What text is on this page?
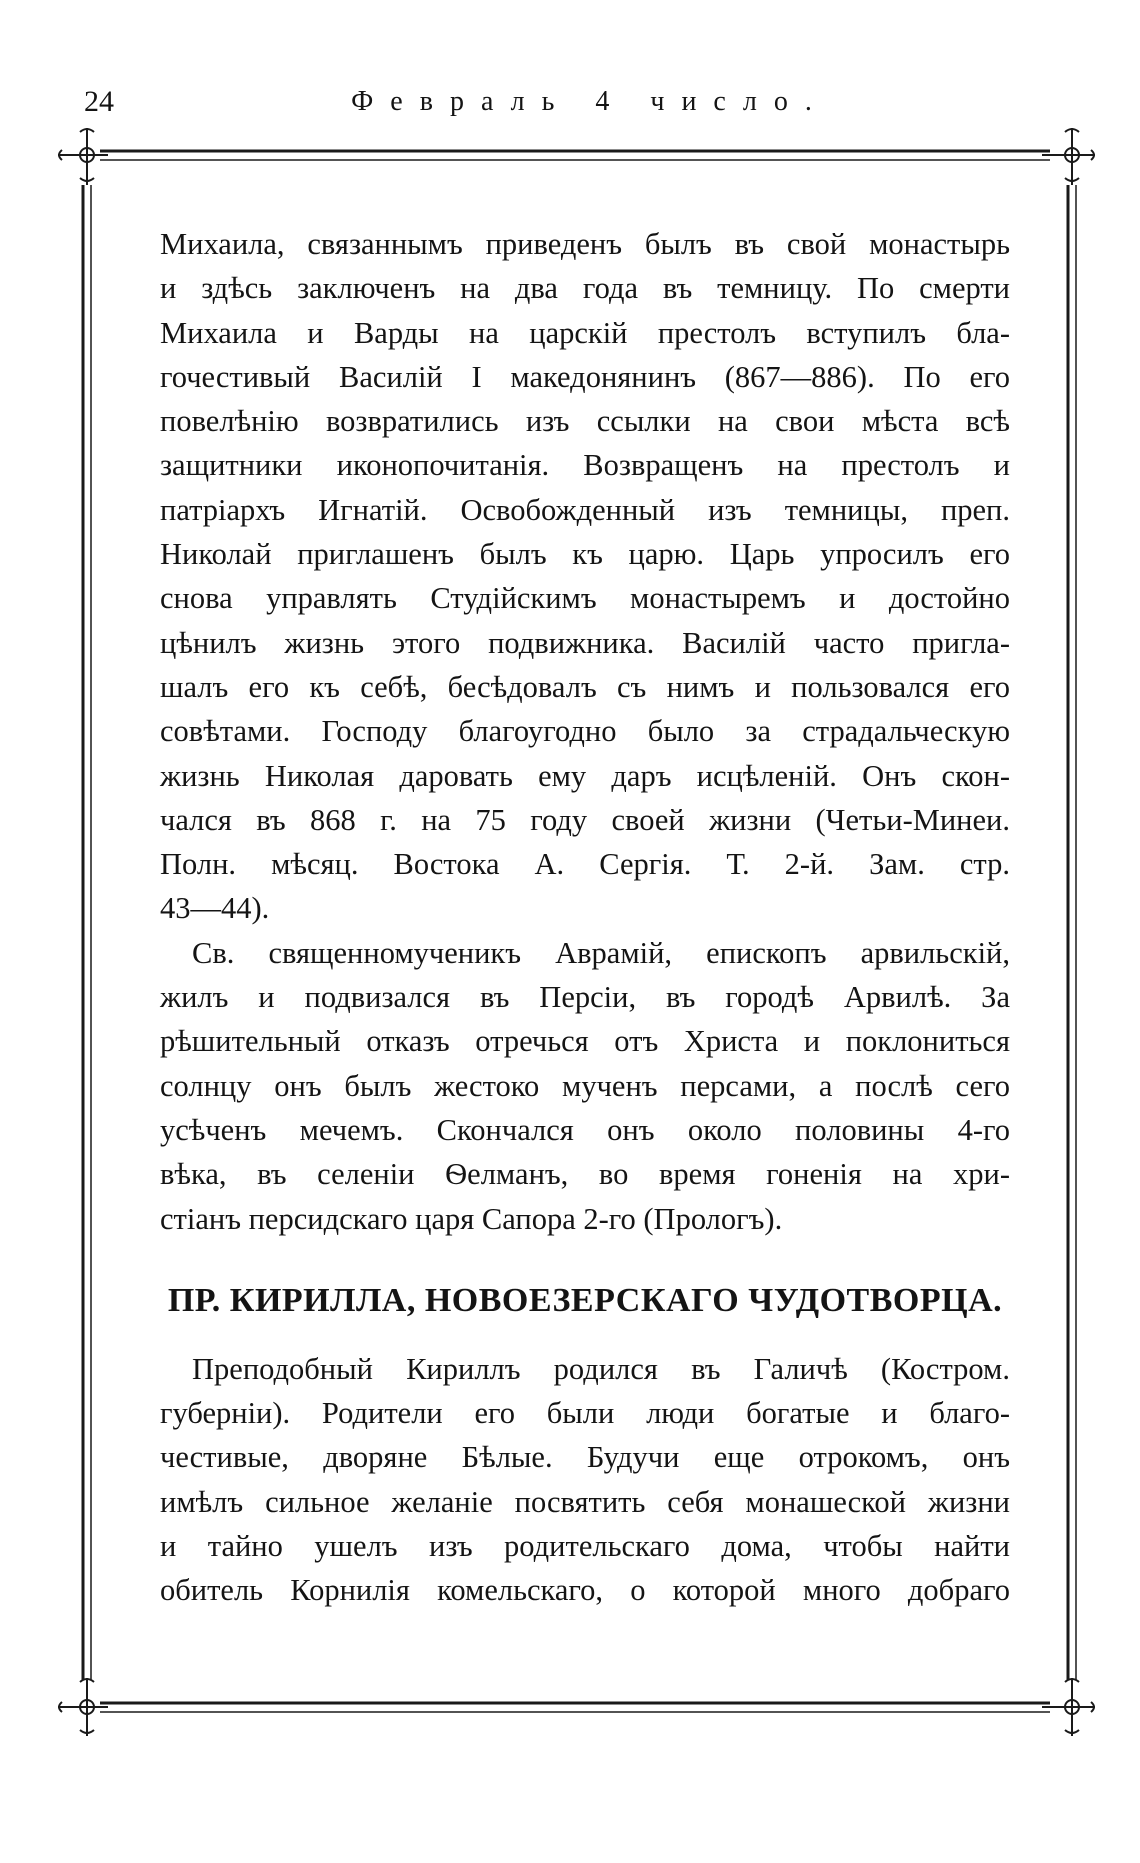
24	Февраль 4 число.

Михаила, связаннымъ приведенъ былъ въ свой монастырь
и здѣсь заключенъ на два года въ темницу. По смерти
Михаила и Варды на царскій престолъ вступилъ бла-
гочестивый Василій I македонянинъ (867—886). По его
повелѣнію возвратились изъ ссылки на свои мѣста всѣ
защитники иконопочитанія. Возвращенъ на престолъ и
патріархъ Игнатій. Освобожденный изъ темницы, преп.
Николай приглашенъ былъ къ царю. Царь упросилъ его
снова управлять Студійскимъ монастыремъ и достойно
цѣнилъ жизнь этого подвижника. Василій часто пригла-
шалъ его къ себѣ, бесѣдовалъ съ нимъ и пользовался его
совѣтами. Господу благоугодно было за страдальческую
жизнь Николая даровать ему даръ исцѣленій. Онъ скон-
чался въ 868 г. на 75 году своей жизни (Четьи-Минеи.
Полн. мѣсяц. Востока А. Сергія. Т. 2-й. Зам. стр.
43—44).

Св. священномученикъ Аврамій, епископъ арвильскій,
жилъ и подвизался въ Персіи, въ городѣ Арвилѣ. За
рѣшительный отказъ отречься отъ Христа и поклониться
солнцу онъ былъ жестоко мученъ персами, а послѣ сего
усѣченъ мечемъ. Скончался онъ около половины 4-го
вѣка, въ селеніи Ѳелманъ, во время гоненія на хри-
стіанъ персидскаго царя Сапора 2-го (Прологъ).

ПР. КИРИЛЛА, НОВОЕЗЕРСКАГО ЧУДОТВОРЦА.

Преподобный Кириллъ родился въ Галичѣ (Костром.
губерніи). Родители его были люди богатые и благо-
честивые, дворяне Бѣлые. Будучи еще отрокомъ, онъ
имѣлъ сильное желаніе посвятить себя монашеской жизни
и тайно ушелъ изъ родительскаго дома, чтобы найти
обитель Корнилія комельскаго, о которой много добраго
